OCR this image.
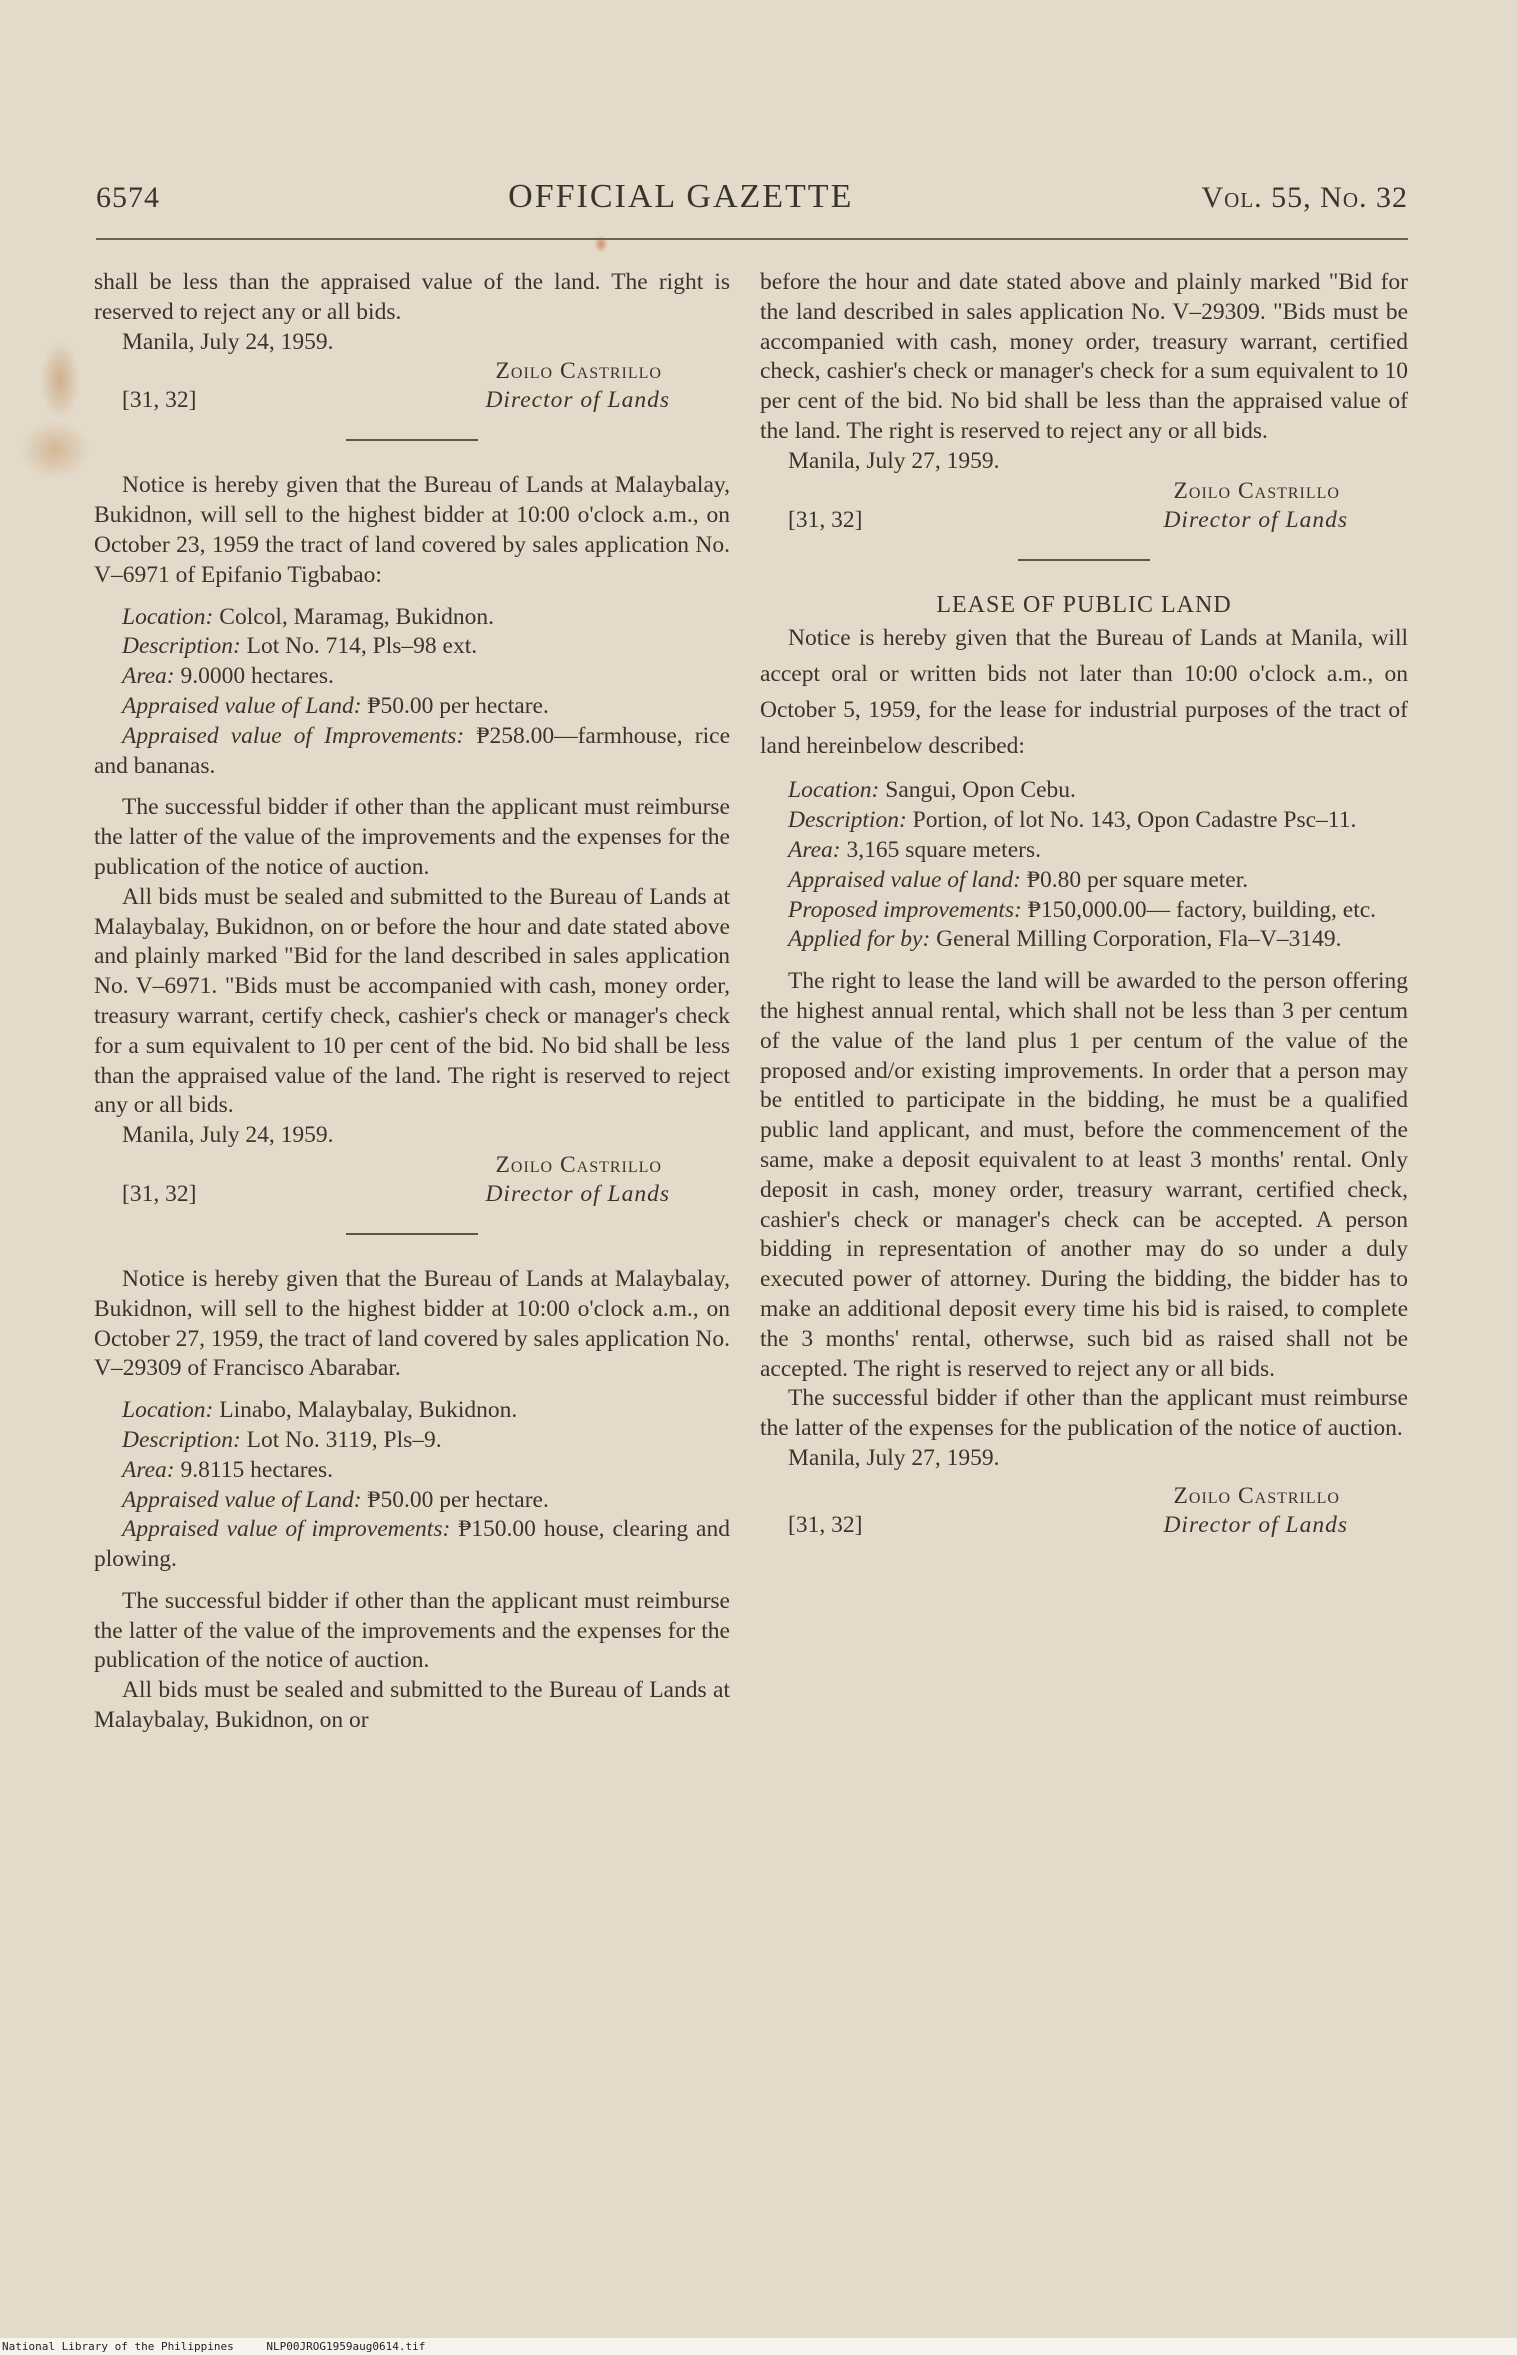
6574	OFFICIAL GAZETTE	Vol. 55, No. 32

shall be less than the appraised value of the land. The right is reserved to reject any or all bids.

Manila, July 24, 1959.

Zoilo Castrillo
[31, 32]	Director of Lands

Notice is hereby given that the Bureau of Lands at Malaybalay, Bukidnon, will sell to the highest bidder at 10:00 o'clock a.m., on October 23, 1959 the tract of land covered by sales application No. V–6971 of Epifanio Tigbabao:

Location: Colcol, Maramag, Bukidnon.

Description: Lot No. 714, Pls–98 ext.

Area: 9.0000 hectares.

Appraised value of Land: ₱50.00 per hectare.

Appraised value of Improvements: ₱258.00—farmhouse, rice and bananas.

The successful bidder if other than the applicant must reimburse the latter of the value of the improvements and the expenses for the publication of the notice of auction.

All bids must be sealed and submitted to the Bureau of Lands at Malaybalay, Bukidnon, on or before the hour and date stated above and plainly marked "Bid for the land described in sales application No. V–6971. "Bids must be accompanied with cash, money order, treasury warrant, certify check, cashier's check or manager's check for a sum equivalent to 10 per cent of the bid. No bid shall be less than the appraised value of the land. The right is reserved to reject any or all bids.

Manila, July 24, 1959.

Zoilo Castrillo
[31, 32]	Director of Lands

Notice is hereby given that the Bureau of Lands at Malaybalay, Bukidnon, will sell to the highest bidder at 10:00 o'clock a.m., on October 27, 1959, the tract of land covered by sales application No. V–29309 of Francisco Abarabar.

Location: Linabo, Malaybalay, Bukidnon.

Description: Lot No. 3119, Pls–9.

Area: 9.8115 hectares.

Appraised value of Land: ₱50.00 per hectare.

Appraised value of improvements: ₱150.00 house, clearing and plowing.

The successful bidder if other than the applicant must reimburse the latter of the value of the improvements and the expenses for the publication of the notice of auction.

All bids must be sealed and submitted to the Bureau of Lands at Malaybalay, Bukidnon, on or

before the hour and date stated above and plainly marked "Bid for the land described in sales application No. V–29309. "Bids must be accompanied with cash, money order, treasury warrant, certified check, cashier's check or manager's check for a sum equivalent to 10 per cent of the bid. No bid shall be less than the appraised value of the land. The right is reserved to reject any or all bids.

Manila, July 27, 1959.

Zoilo Castrillo
[31, 32]	Director of Lands

LEASE OF PUBLIC LAND

Notice is hereby given that the Bureau of Lands at Manila, will accept oral or written bids not later than 10:00 o'clock a.m., on October 5, 1959, for the lease for industrial purposes of the tract of land hereinbelow described:

Location: Sangui, Opon Cebu.

Description: Portion, of lot No. 143, Opon Cadastre Psc–11.

Area: 3,165 square meters.

Appraised value of land: ₱0.80 per square meter.

Proposed improvements: ₱150,000.00— factory, building, etc.

Applied for by: General Milling Corporation, Fla–V–3149.

The right to lease the land will be awarded to the person offering the highest annual rental, which shall not be less than 3 per centum of the value of the land plus 1 per centum of the value of the proposed and/or existing improvements. In order that a person may be entitled to participate in the bidding, he must be a qualified public land applicant, and must, before the commencement of the same, make a deposit equivalent to at least 3 months' rental. Only deposit in cash, money order, treasury warrant, certified check, cashier's check or manager's check can be accepted. A person bidding in representation of another may do so under a duly executed power of attorney. During the bidding, the bidder has to make an additional deposit every time his bid is raised, to complete the 3 months' rental, otherwse, such bid as raised shall not be accepted. The right is reserved to reject any or all bids.

The successful bidder if other than the applicant must reimburse the latter of the expenses for the publication of the notice of auction.

Manila, July 27, 1959.

Zoilo Castrillo
[31, 32]	Director of Lands
National Library of the Philippines	NLP00JROG1959aug0614.tif
